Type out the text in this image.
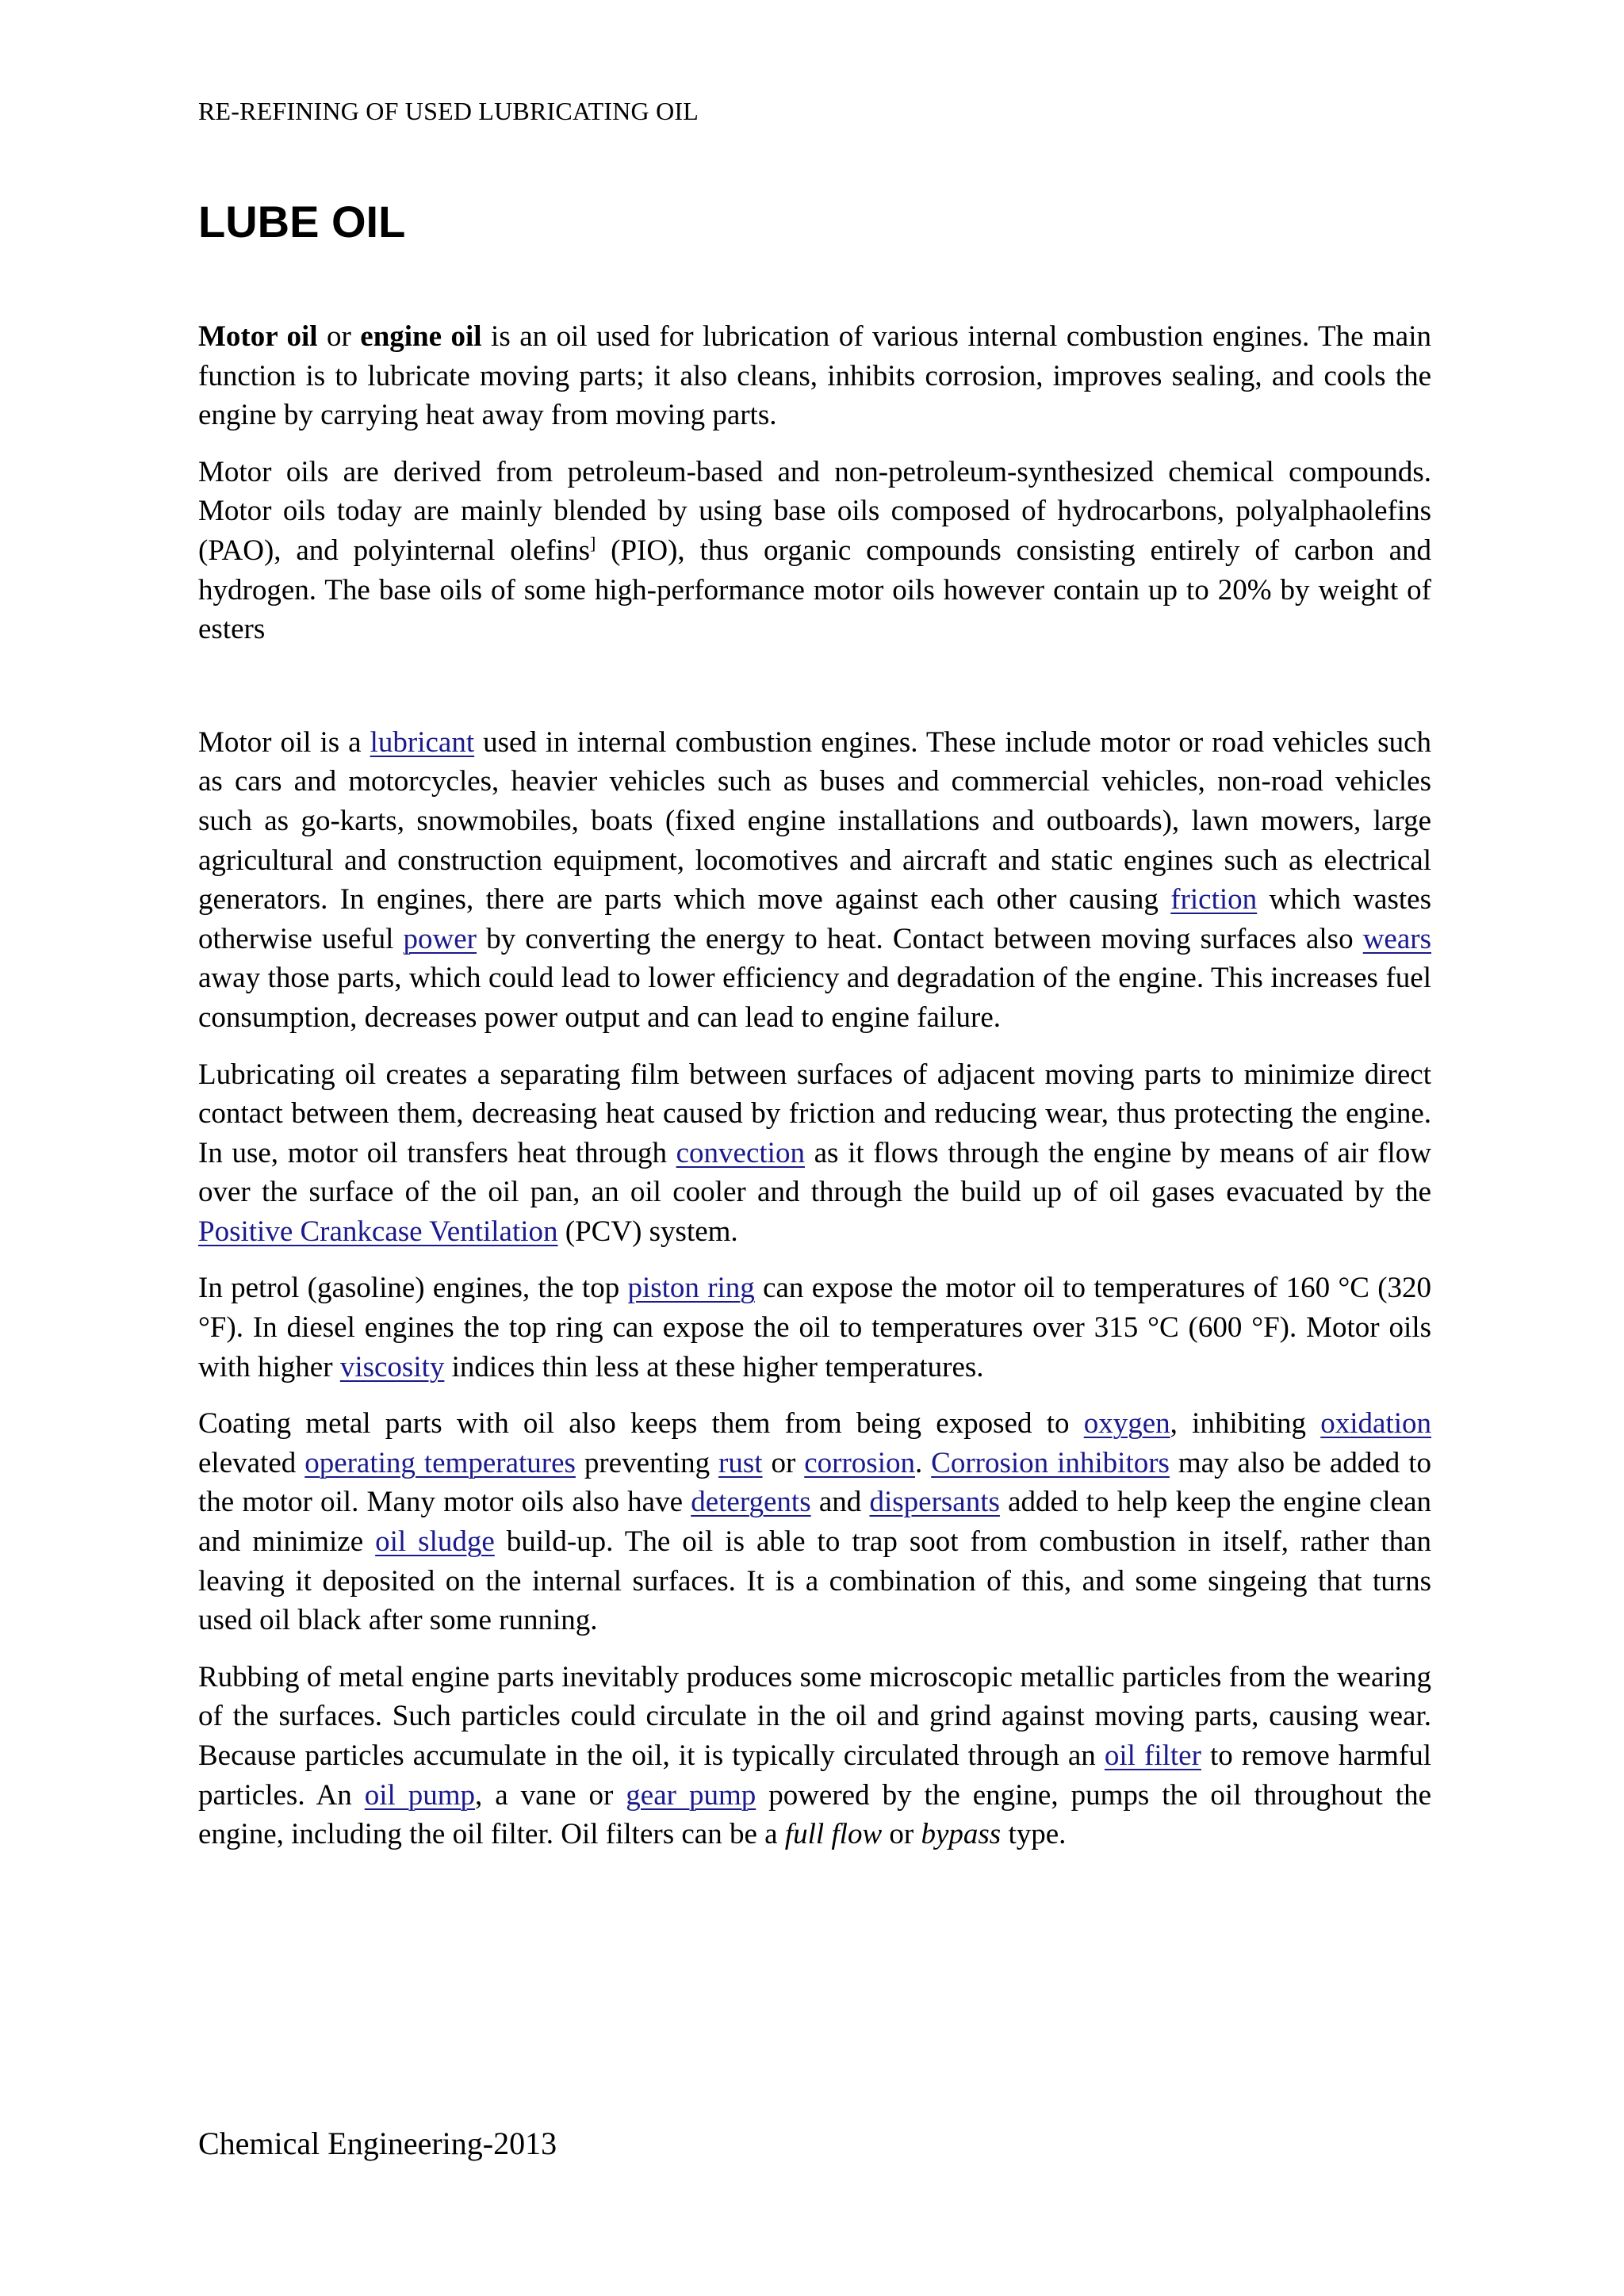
RE-REFINING OF USED LUBRICATING OIL
LUBE OIL

Motor oil or engine oil is an oil used for lubrication of various internal combustion engines. The main function is to lubricate moving parts; it also cleans, inhibits corrosion, improves sealing, and cools the engine by carrying heat away from moving parts.

Motor oils are derived from petroleum-based and non-petroleum-synthesized chemical compounds. Motor oils today are mainly blended by using base oils composed of hydrocarbons, polyalphaolefins (PAO), and polyinternal olefins] (PIO), thus organic compounds consisting entirely of carbon and hydrogen. The base oils of some high-performance motor oils however contain up to 20% by weight of esters

Motor oil is a lubricant used in internal combustion engines. These include motor or road vehicles such as cars and motorcycles, heavier vehicles such as buses and commercial vehicles, non-road vehicles such as go-karts, snowmobiles, boats (fixed engine installations and outboards), lawn mowers, large agricultural and construction equipment, locomotives and aircraft and static engines such as electrical generators. In engines, there are parts which move against each other causing friction which wastes otherwise useful power by converting the energy to heat. Contact between moving surfaces also wears away those parts, which could lead to lower efficiency and degradation of the engine. This increases fuel consumption, decreases power output and can lead to engine failure.

Lubricating oil creates a separating film between surfaces of adjacent moving parts to minimize direct contact between them, decreasing heat caused by friction and reducing wear, thus protecting the engine. In use, motor oil transfers heat through convection as it flows through the engine by means of air flow over the surface of the oil pan, an oil cooler and through the build up of oil gases evacuated by the Positive Crankcase Ventilation (PCV) system.

In petrol (gasoline) engines, the top piston ring can expose the motor oil to temperatures of 160 °C (320 °F). In diesel engines the top ring can expose the oil to temperatures over 315 °C (600 °F). Motor oils with higher viscosity indices thin less at these higher temperatures.

Coating metal parts with oil also keeps them from being exposed to oxygen, inhibiting oxidation elevated operating temperatures preventing rust or corrosion. Corrosion inhibitors may also be added to the motor oil. Many motor oils also have detergents and dispersants added to help keep the engine clean and minimize oil sludge build-up. The oil is able to trap soot from combustion in itself, rather than leaving it deposited on the internal surfaces. It is a combination of this, and some singeing that turns used oil black after some running.

Rubbing of metal engine parts inevitably produces some microscopic metallic particles from the wearing of the surfaces. Such particles could circulate in the oil and grind against moving parts, causing wear. Because particles accumulate in the oil, it is typically circulated through an oil filter to remove harmful particles. An oil pump, a vane or gear pump powered by the engine, pumps the oil throughout the engine, including the oil filter. Oil filters can be a full flow or bypass type.

Chemical Engineering-2013
